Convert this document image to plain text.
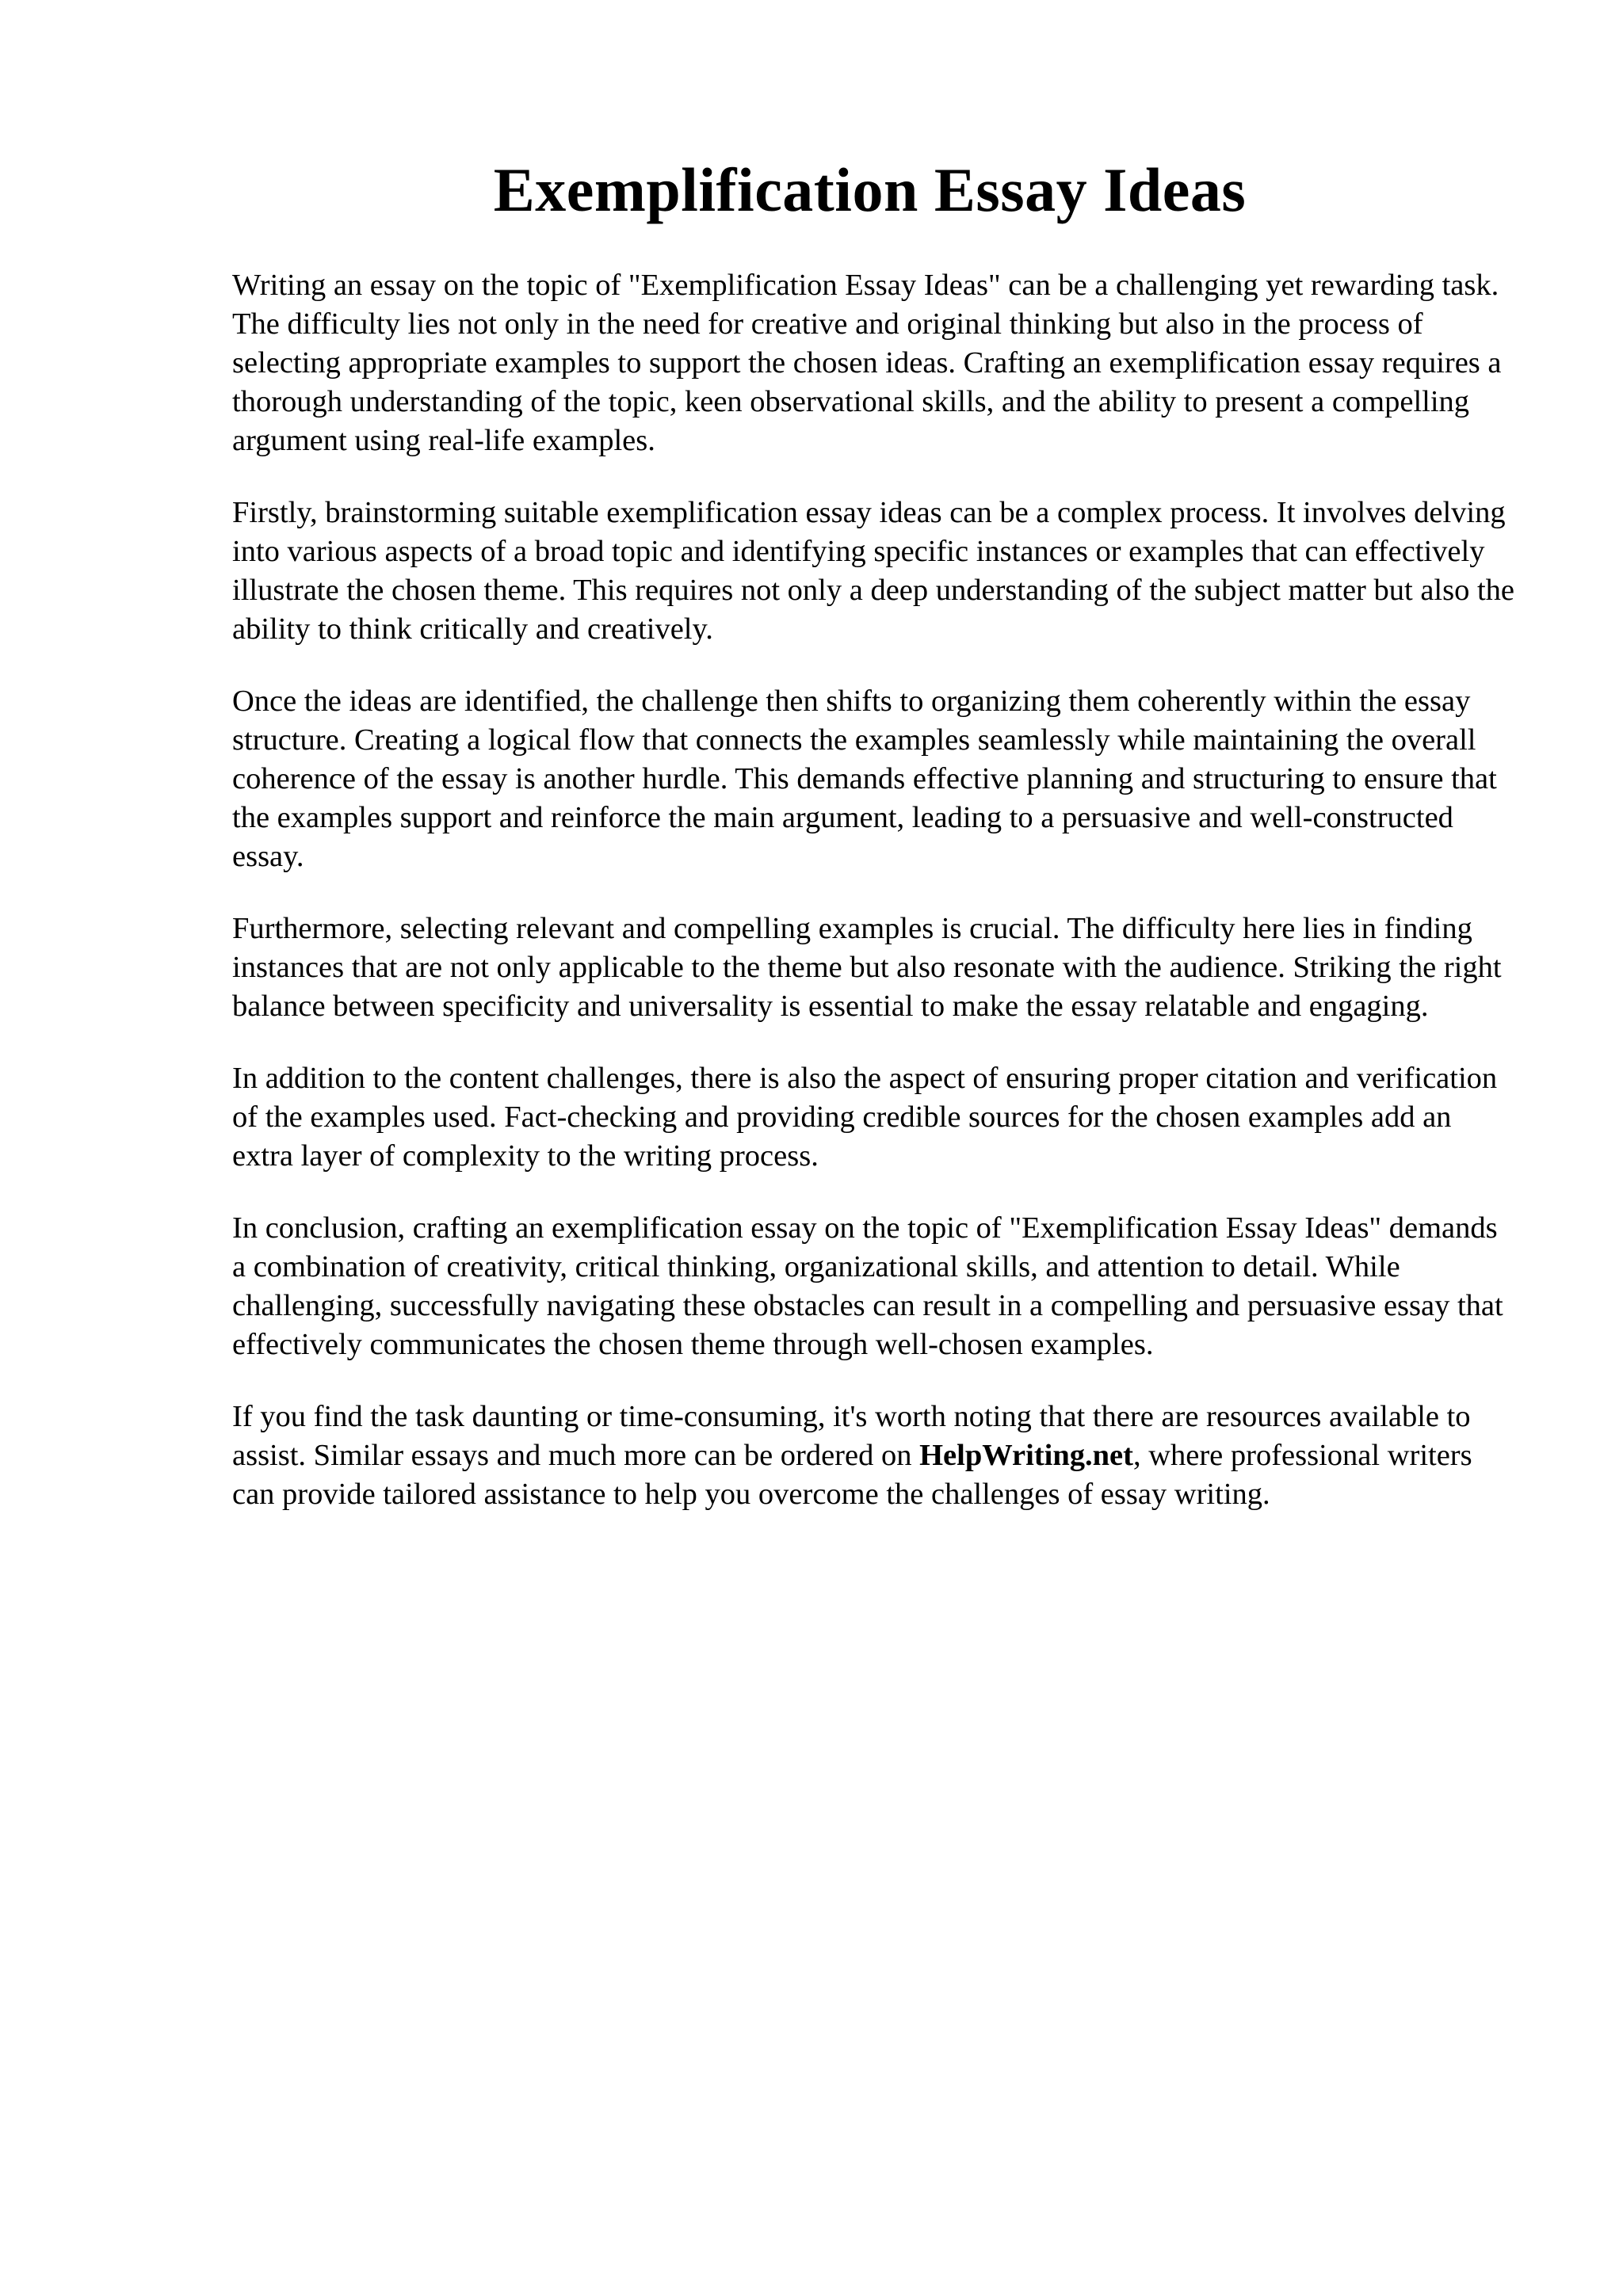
Exemplification Essay Ideas

Writing an essay on the topic of "Exemplification Essay Ideas" can be a challenging yet rewarding task. The difficulty lies not only in the need for creative and original thinking but also in the process of selecting appropriate examples to support the chosen ideas. Crafting an exemplification essay requires a thorough understanding of the topic, keen observational skills, and the ability to present a compelling argument using real-life examples.

Firstly, brainstorming suitable exemplification essay ideas can be a complex process. It involves delving into various aspects of a broad topic and identifying specific instances or examples that can effectively illustrate the chosen theme. This requires not only a deep understanding of the subject matter but also the ability to think critically and creatively.

Once the ideas are identified, the challenge then shifts to organizing them coherently within the essay structure. Creating a logical flow that connects the examples seamlessly while maintaining the overall coherence of the essay is another hurdle. This demands effective planning and structuring to ensure that the examples support and reinforce the main argument, leading to a persuasive and well-constructed essay.

Furthermore, selecting relevant and compelling examples is crucial. The difficulty here lies in finding instances that are not only applicable to the theme but also resonate with the audience. Striking the right balance between specificity and universality is essential to make the essay relatable and engaging.

In addition to the content challenges, there is also the aspect of ensuring proper citation and verification of the examples used. Fact-checking and providing credible sources for the chosen examples add an extra layer of complexity to the writing process.

In conclusion, crafting an exemplification essay on the topic of "Exemplification Essay Ideas" demands a combination of creativity, critical thinking, organizational skills, and attention to detail. While challenging, successfully navigating these obstacles can result in a compelling and persuasive essay that effectively communicates the chosen theme through well-chosen examples.

If you find the task daunting or time-consuming, it's worth noting that there are resources available to assist. Similar essays and much more can be ordered on HelpWriting.net, where professional writers can provide tailored assistance to help you overcome the challenges of essay writing.
